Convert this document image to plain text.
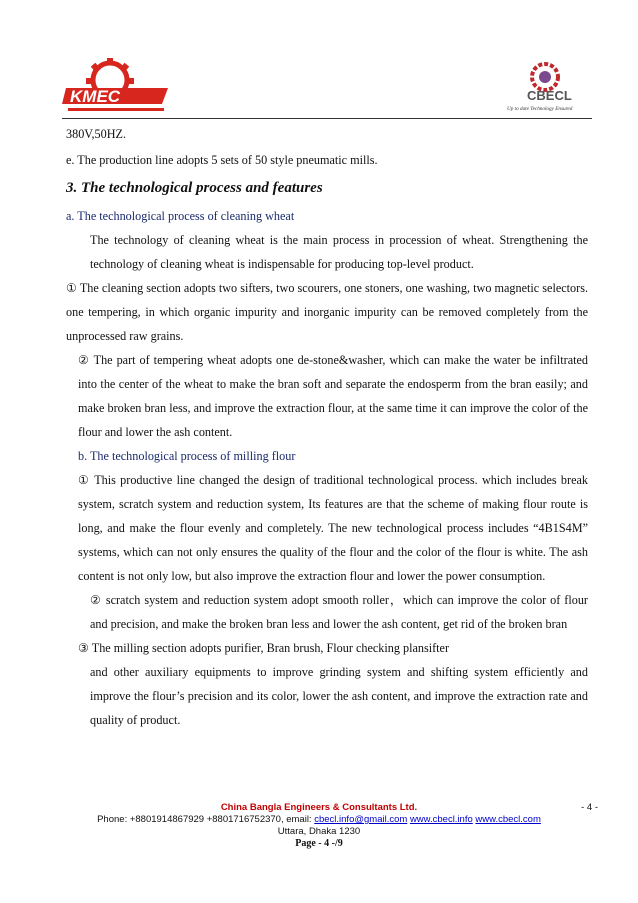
KMEC	CBECL
Up to date Technology Ensured

380V,50HZ.

e. The production line adopts 5 sets of 50 style pneumatic mills.

3. The technological process and features

a. The technological process of cleaning wheat

The technology of cleaning wheat is the main process in procession of wheat. Strengthening the technology of cleaning wheat is indispensable for producing top-level product.

① The cleaning section adopts two sifters, two scourers, one stoners, one washing, two magnetic selectors. one tempering, in which organic impurity and inorganic impurity can be removed completely from the unprocessed raw grains.

② The part of tempering wheat adopts one de-stone&washer, which can make the water be infiltrated into the center of the wheat to make the bran soft and separate the endosperm from the bran easily; and make broken bran less, and improve the extraction flour, at the same time it can improve the color of the flour and lower the ash content.

b. The technological process of milling flour

① This productive line changed the design of traditional technological process. which includes break system, scratch system and reduction system, Its features are that the scheme of making flour route is long, and make the flour evenly and completely. The new technological process includes “4B1S4M” systems, which can not only ensures the quality of the flour and the color of the flour is white. The ash content is not only low, but also improve the extraction flour and lower the power consumption.

② scratch system and reduction system adopt smooth roller，which can improve the color of flour and precision, and make the broken bran less and lower the ash content, get rid of the broken bran

③ The milling section adopts purifier, Bran brush, Flour checking plansifter

and other auxiliary equipments to improve grinding system and shifting system efficiently and improve the flour’s precision and its color, lower the ash content, and improve the extraction rate and quality of product.

China Bangla Engineers & Consultants Ltd.
Phone: +8801914867929 +8801716752370, email: cbecl.info@gmail.com www.cbecl.info www.cbecl.com
Uttara, Dhaka 1230
Page - 4 -/9
- 4 -
